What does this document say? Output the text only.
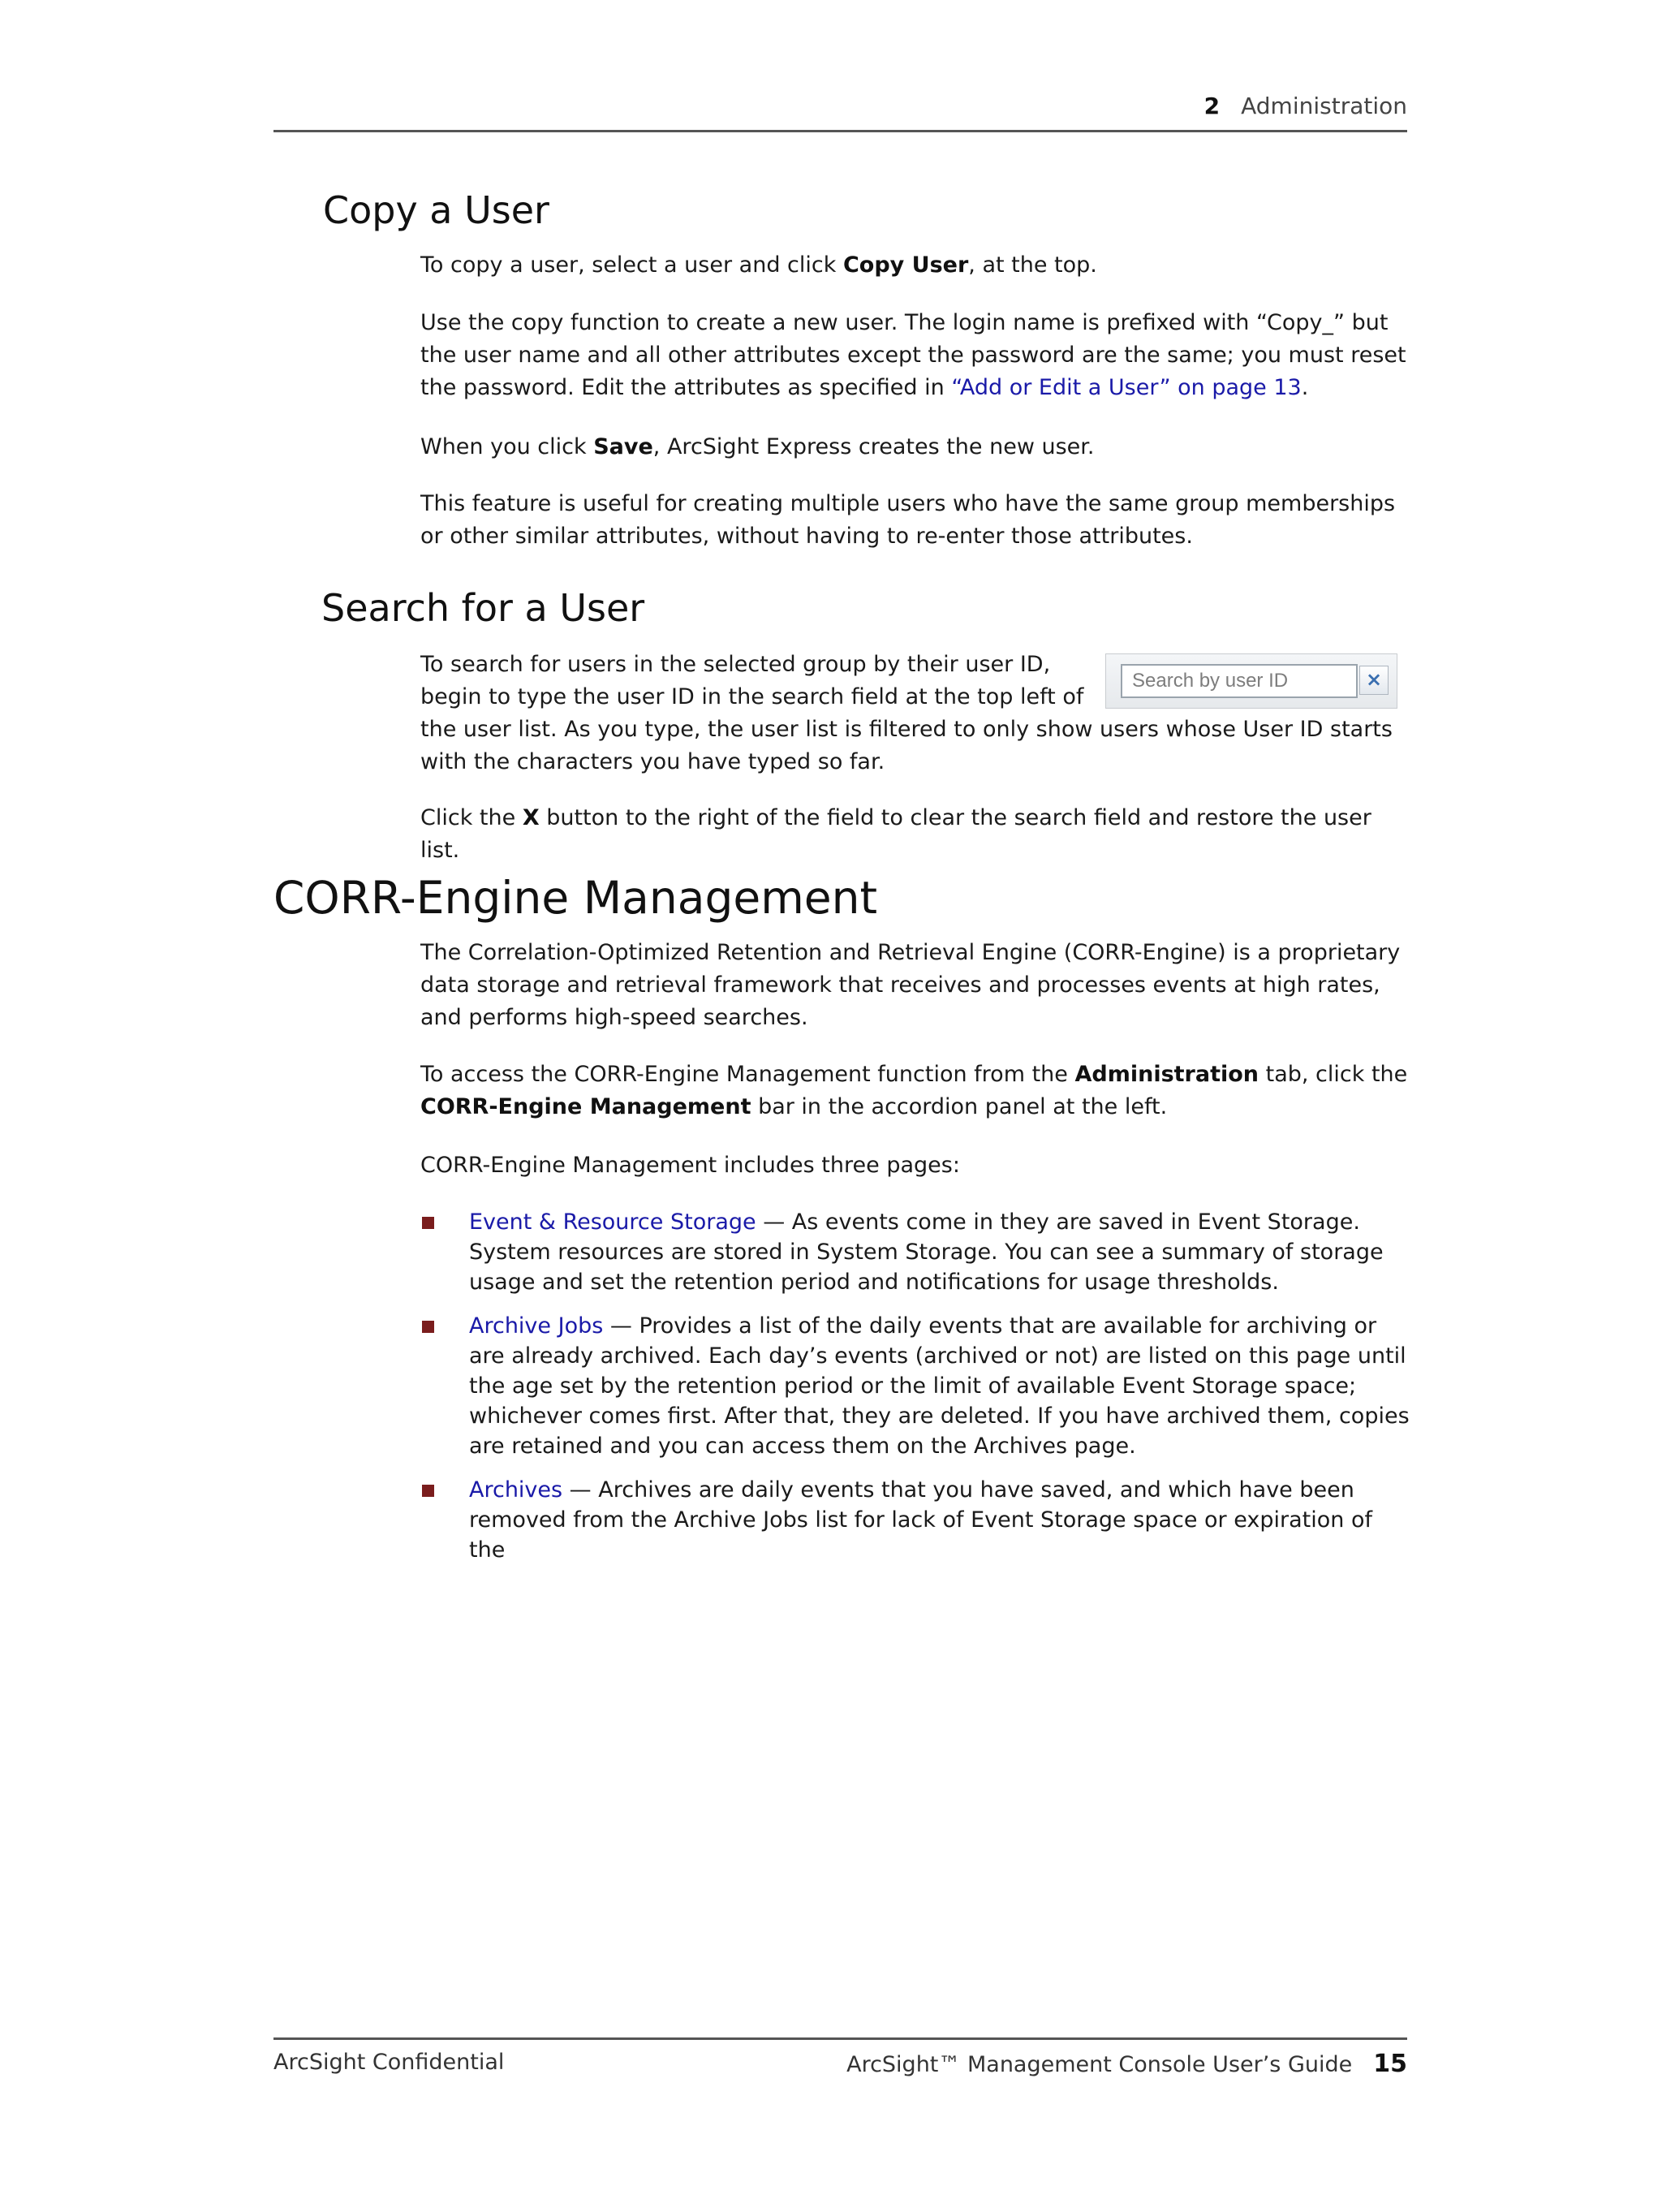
2 Administration
Copy a User

To copy a user, select a user and click Copy User, at the top.

Use the copy function to create a new user. The login name is prefixed with “Copy_” but the user name and all other attributes except the password are the same; you must reset the password. Edit the attributes as specified in “Add or Edit a User” on page 13.

When you click Save, ArcSight Express creates the new user.

This feature is useful for creating multiple users who have the same group memberships or other similar attributes, without having to re-enter those attributes.

Search for a User

To search for users in the selected group by their user ID,
begin to type the user ID in the search field at the top left of
the user list. As you type, the user list is filtered to only show users whose User ID starts with the characters you have typed so far.

Search by user ID
×

Click the X button to the right of the field to clear the search field and restore the user list.

CORR-Engine Management

The Correlation-Optimized Retention and Retrieval Engine (CORR-Engine) is a proprietary data storage and retrieval framework that receives and processes events at high rates, and performs high-speed searches.

To access the CORR-Engine Management function from the Administration tab, click the CORR-Engine Management bar in the accordion panel at the left.

CORR-Engine Management includes three pages:

Event & Resource Storage — As events come in they are saved in Event Storage. System resources are stored in System Storage. You can see a summary of storage usage and set the retention period and notifications for usage thresholds.

Archive Jobs — Provides a list of the daily events that are available for archiving or are already archived. Each day’s events (archived or not) are listed on this page until the age set by the retention period or the limit of available Event Storage space; whichever comes first. After that, they are deleted. If you have archived them, copies are retained and you can access them on the Archives page.

Archives — Archives are daily events that you have saved, and which have been removed from the Archive Jobs list for lack of Event Storage space or expiration of the

ArcSight Confidential	ArcSight™ Management Console User’s Guide 15
